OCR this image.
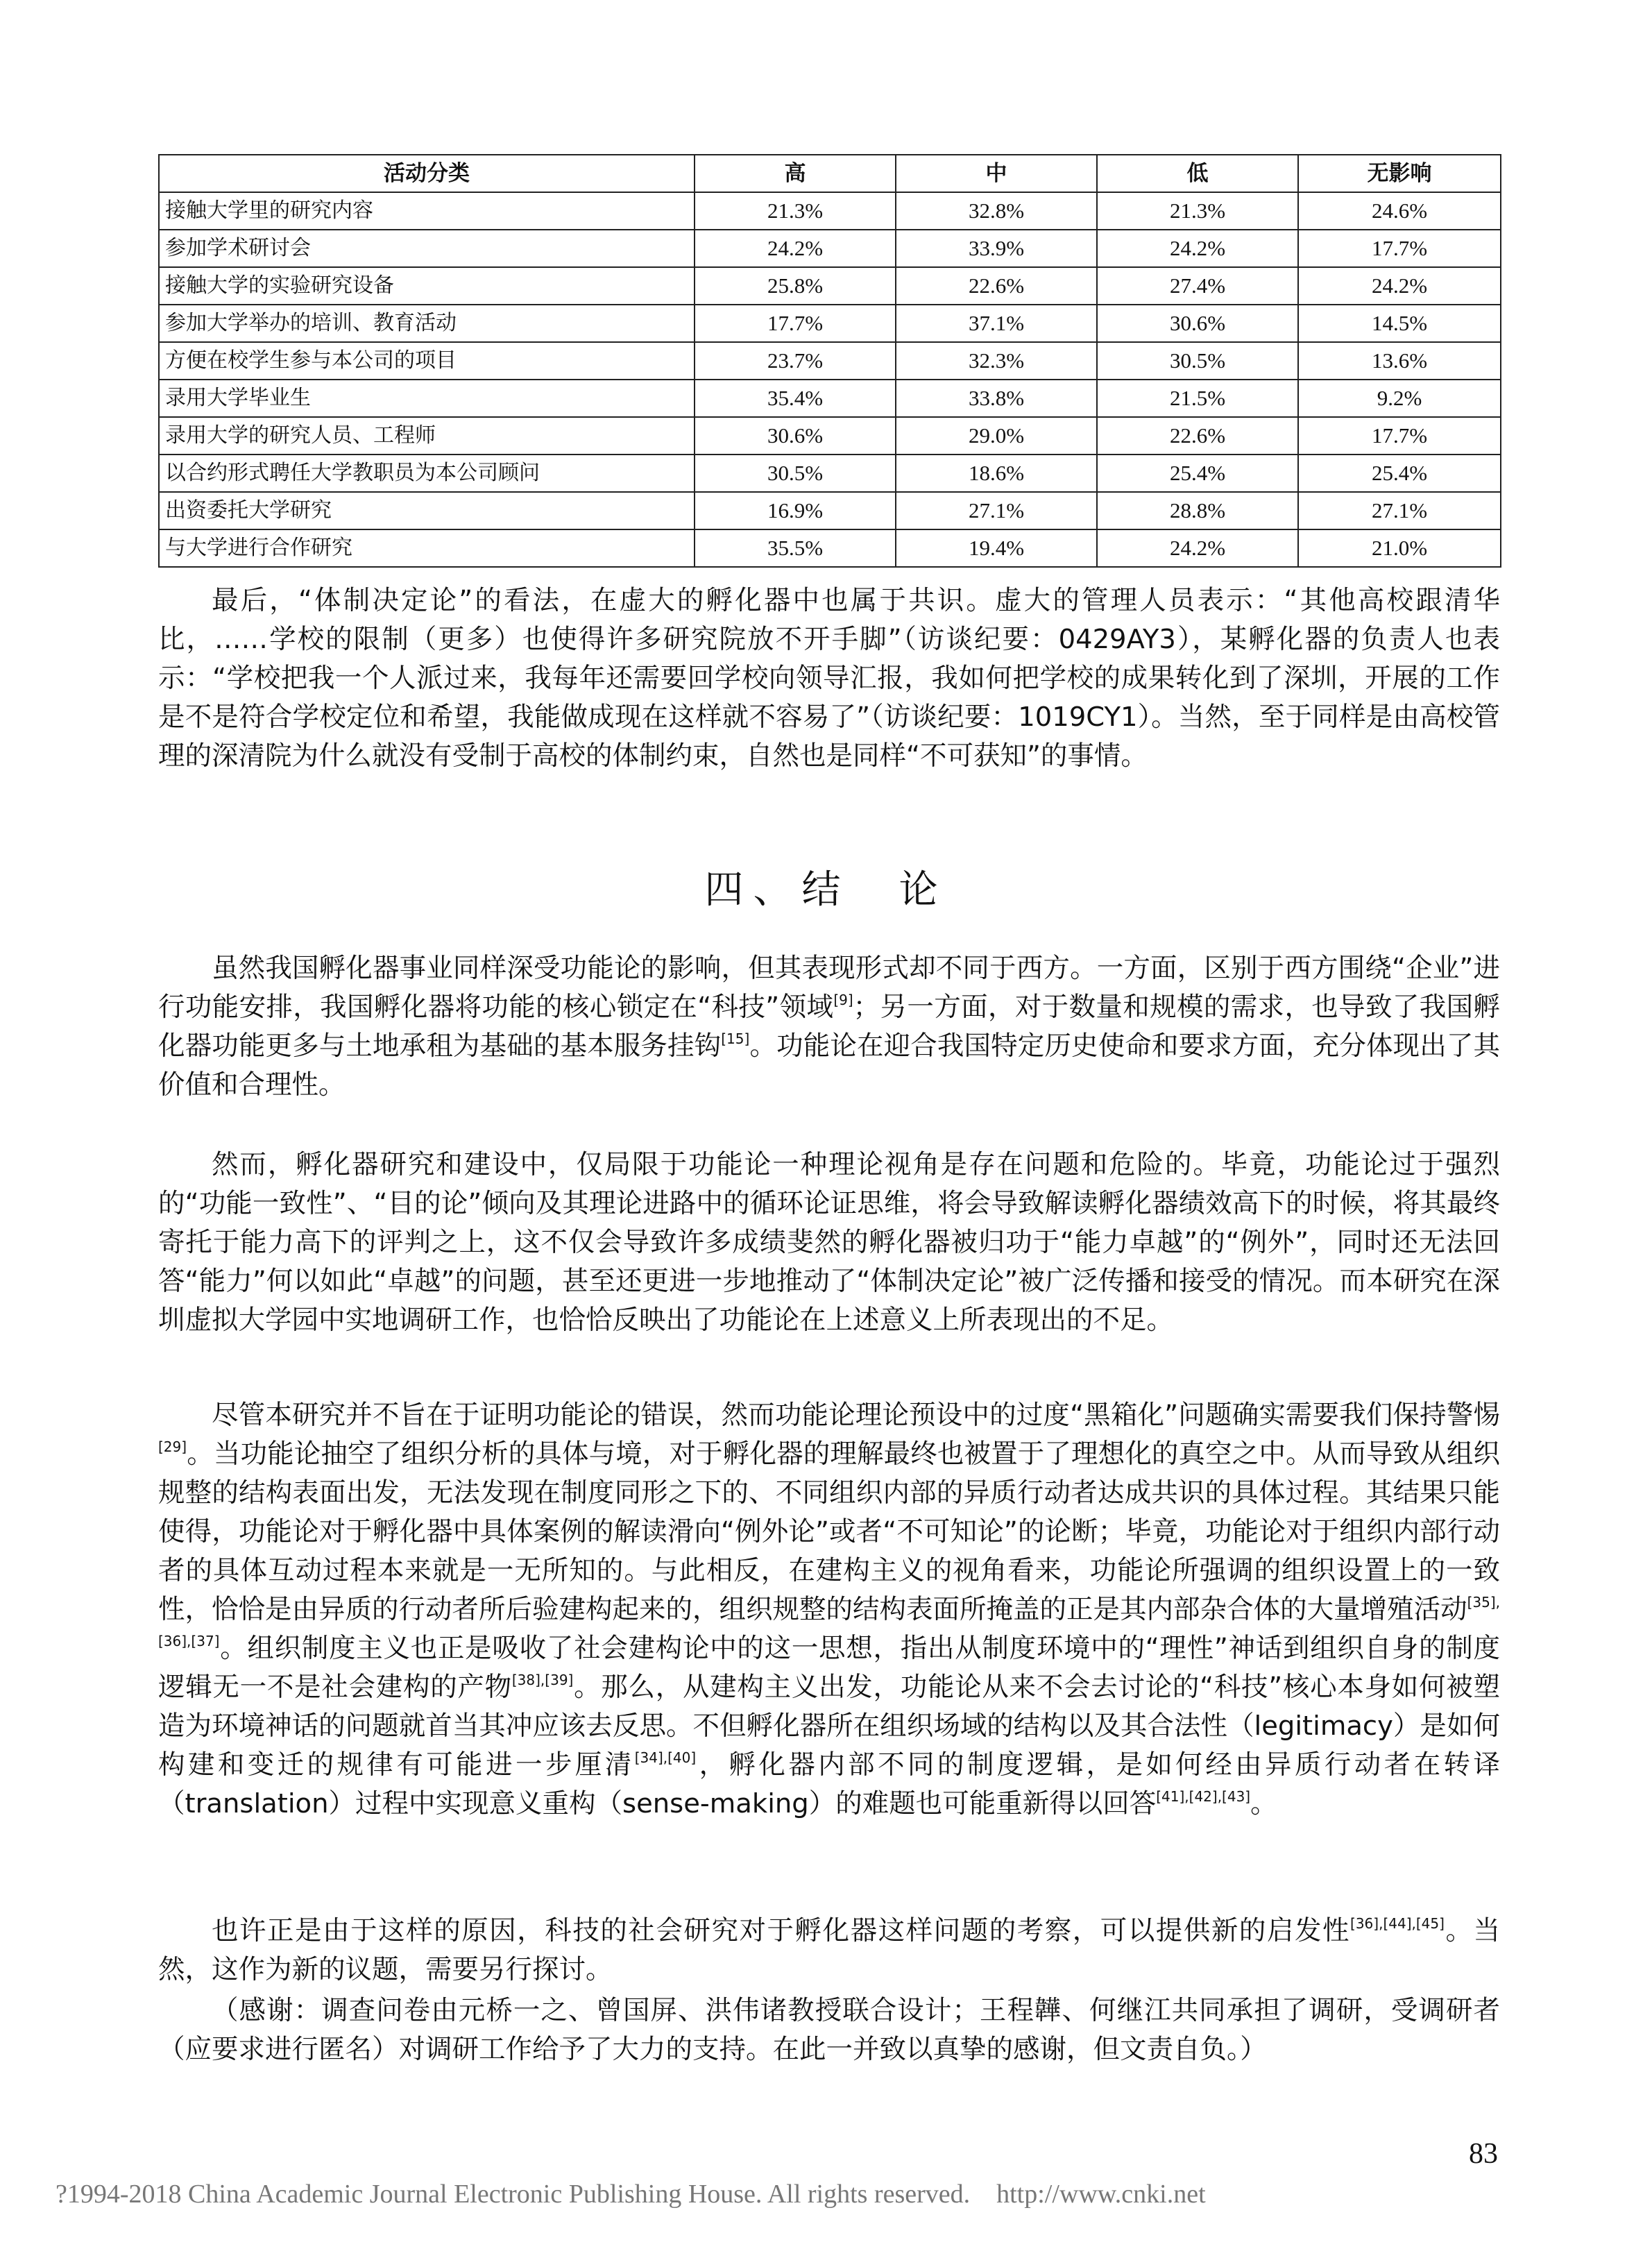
活动分类	高	中	低	无影响
接触大学里的研究内容	21.3%	32.8%	21.3%	24.6%
参加学术研讨会	24.2%	33.9%	24.2%	17.7%
接触大学的实验研究设备	25.8%	22.6%	27.4%	24.2%
参加大学举办的培训、教育活动	17.7%	37.1%	30.6%	14.5%
方便在校学生参与本公司的项目	23.7%	32.3%	30.5%	13.6%
录用大学毕业生	35.4%	33.8%	21.5%	9.2%
录用大学的研究人员、工程师	30.6%	29.0%	22.6%	17.7%
以合约形式聘任大学教职员为本公司顾问	30.5%	18.6%	25.4%	25.4%
出资委托大学研究	16.9%	27.1%	28.8%	27.1%
与大学进行合作研究	35.5%	19.4%	24.2%	21.0%

最后，“体制决定论”的看法，在虚大的孵化器中也属于共识。虚大的管理人员表示：“其他高校跟清华比，……学校的限制（更多）也使得许多研究院放不开手脚”（访谈纪要：0429AY3），某孵化器的负责人也表示：“学校把我一个人派过来，我每年还需要回学校向领导汇报，我如何把学校的成果转化到了深圳，开展的工作是不是符合学校定位和希望，我能做成现在这样就不容易了”（访谈纪要：1019CY1）。当然，至于同样是由高校管理的深清院为什么就没有受制于高校的体制约束，自然也是同样“不可获知”的事情。

四、结　论

虽然我国孵化器事业同样深受功能论的影响，但其表现形式却不同于西方。一方面，区别于西方围绕“企业”进行功能安排，我国孵化器将功能的核心锁定在“科技”领域[9]；另一方面，对于数量和规模的需求，也导致了我国孵化器功能更多与土地承租为基础的基本服务挂钩[15]。功能论在迎合我国特定历史使命和要求方面，充分体现出了其价值和合理性。

然而，孵化器研究和建设中，仅局限于功能论一种理论视角是存在问题和危险的。毕竟，功能论过于强烈的“功能一致性”、“目的论”倾向及其理论进路中的循环论证思维，将会导致解读孵化器绩效高下的时候，将其最终寄托于能力高下的评判之上，这不仅会导致许多成绩斐然的孵化器被归功于“能力卓越”的“例外”，同时还无法回答“能力”何以如此“卓越”的问题，甚至还更进一步地推动了“体制决定论”被广泛传播和接受的情况。而本研究在深圳虚拟大学园中实地调研工作，也恰恰反映出了功能论在上述意义上所表现出的不足。

尽管本研究并不旨在于证明功能论的错误，然而功能论理论预设中的过度“黑箱化”问题确实需要我们保持警惕[29]。当功能论抽空了组织分析的具体与境，对于孵化器的理解最终也被置于了理想化的真空之中。从而导致从组织规整的结构表面出发，无法发现在制度同形之下的、不同组织内部的异质行动者达成共识的具体过程。其结果只能使得，功能论对于孵化器中具体案例的解读滑向“例外论”或者“不可知论”的论断；毕竟，功能论对于组织内部行动者的具体互动过程本来就是一无所知的。与此相反，在建构主义的视角看来，功能论所强调的组织设置上的一致性，恰恰是由异质的行动者所后验建构起来的，组织规整的结构表面所掩盖的正是其内部杂合体的大量增殖活动[35],[36],[37]。组织制度主义也正是吸收了社会建构论中的这一思想，指出从制度环境中的“理性”神话到组织自身的制度逻辑无一不是社会建构的产物[38],[39]。那么，从建构主义出发，功能论从来不会去讨论的“科技”核心本身如何被塑造为环境神话的问题就首当其冲应该去反思。不但孵化器所在组织场域的结构以及其合法性（legitimacy）是如何构建和变迁的规律有可能进一步厘清[34],[40]，孵化器内部不同的制度逻辑，是如何经由异质行动者在转译（translation）过程中实现意义重构（sense-making）的难题也可能重新得以回答[41],[42],[43]。

也许正是由于这样的原因，科技的社会研究对于孵化器这样问题的考察，可以提供新的启发性[36],[44],[45]。当然，这作为新的议题，需要另行探讨。

（感谢：调查问卷由元桥一之、曾国屏、洪伟诸教授联合设计；王程韡、何继江共同承担了调研，受调研者（应要求进行匿名）对调研工作给予了大力的支持。在此一并致以真挚的感谢，但文责自负。）

83
?1994-2018 China Academic Journal Electronic Publishing House. All rights reserved.    http://www.cnki.net
